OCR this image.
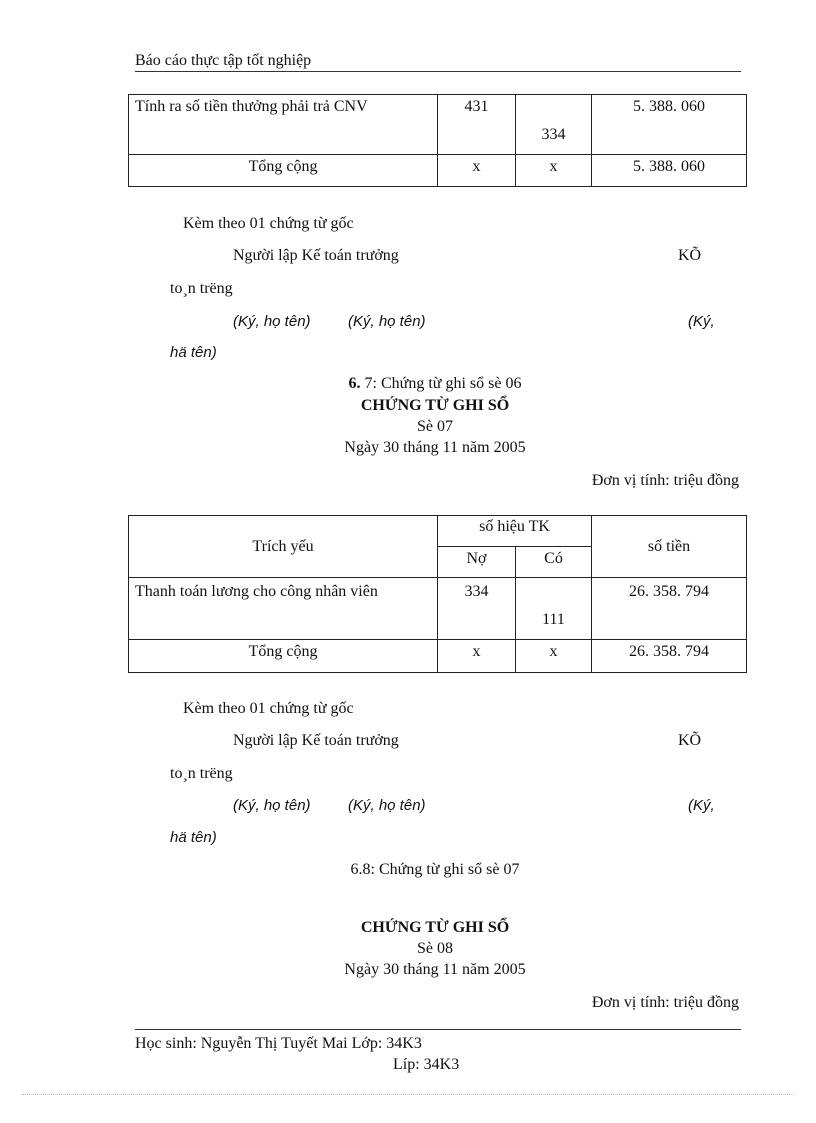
Báo cáo thực tập tốt nghiệp
Tính ra số tiền thưởng phải trả CNV	431	334	5. 388. 060
Tổng cộng	x	x	5. 388. 060
Kèm theo 01 chứng từ gốc
Người lập Kế toán trưởng	KÕ
to¸n trëng
(Ký, họ tên) (Ký, họ tên)	(Ký,
hä tên)
6. 7: Chứng từ ghi sổ sè 06
CHỨNG TỪ GHI SỔ
Sè 07
Ngày 30 tháng 11 năm 2005
Đơn vị tính: triệu đồng
Trích yếu	số hiệu TK		số tiền
	Nợ	Có	
Thanh toán lương cho công nhân viên	334	111	26. 358. 794
Tổng cộng	x	x	26. 358. 794
Kèm theo 01 chứng từ gốc
Người lập Kế toán trưởng	KÕ
to¸n trëng
(Ký, họ tên) (Ký, họ tên)	(Ký,
hä tên)
6.8: Chứng từ ghi sổ sè 07
CHỨNG TỪ GHI SỔ
Sè 08
Ngày 30 tháng 11 năm 2005
Đơn vị tính: triệu đồng
Học sinh: Nguyễn Thị Tuyết Mai Lớp: 34K3
Líp: 34K3
